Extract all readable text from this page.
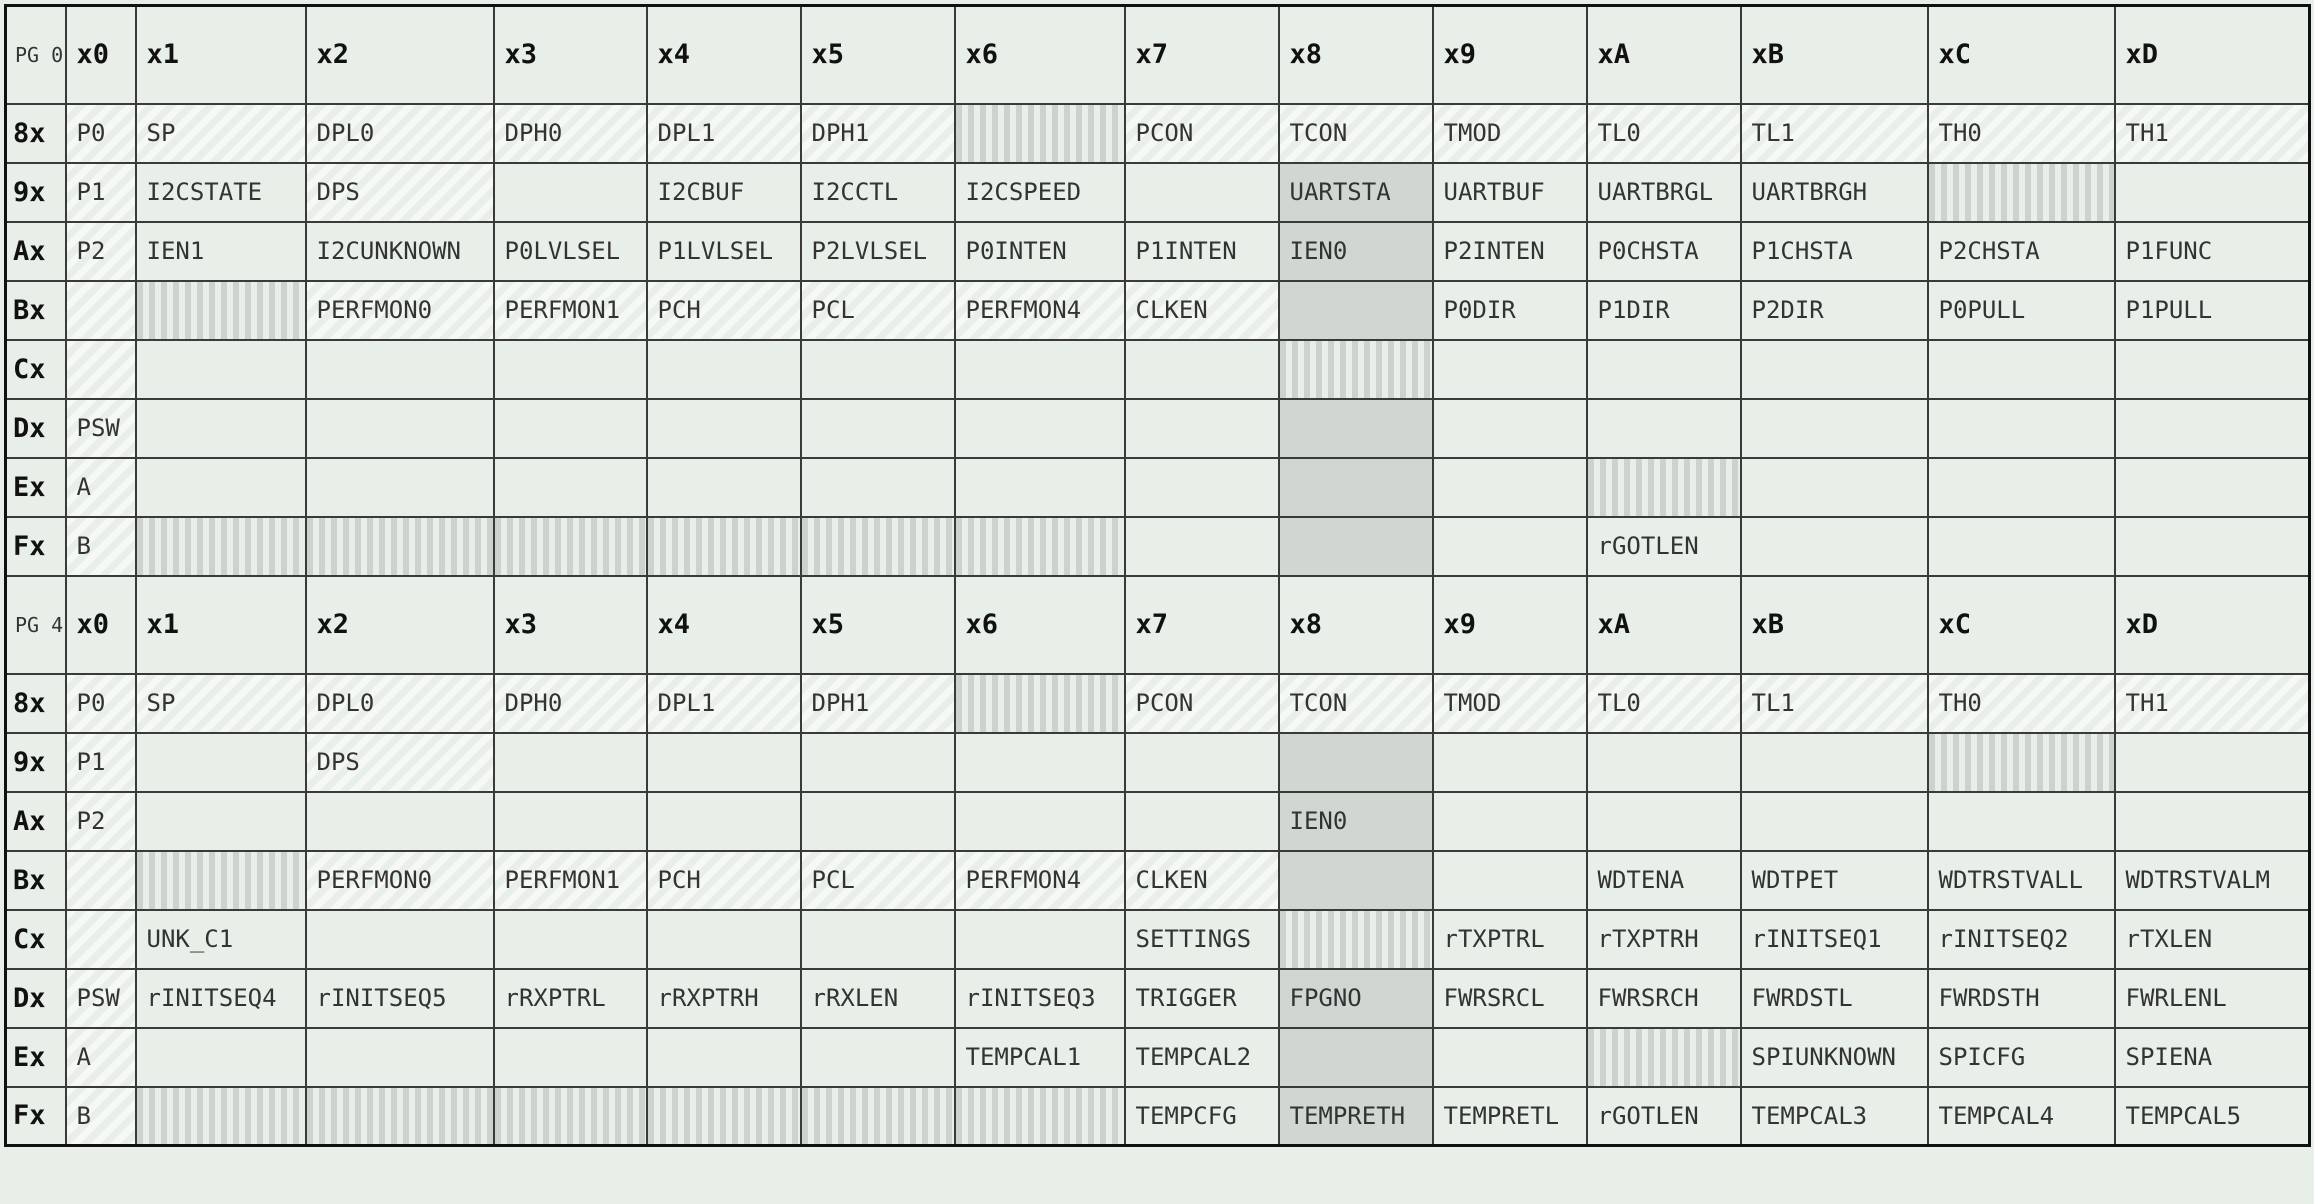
PG 0	x0	x1	x2	x3	x4	x5	x6	x7	x8	x9	xA	xB	xC	xD
8x	P0	SP	DPL0	DPH0	DPL1	DPH1		PCON	TCON	TMOD	TL0	TL1	TH0	TH1
9x	P1	I2CSTATE	DPS		I2CBUF	I2CCTL	I2CSPEED		UARTSTA	UARTBUF	UARTBRGL	UARTBRGH		
Ax	P2	IEN1	I2CUNKNOWN	P0LVLSEL	P1LVLSEL	P2LVLSEL	P0INTEN	P1INTEN	IEN0	P2INTEN	P0CHSTA	P1CHSTA	P2CHSTA	P1FUNC
Bx			PERFMON0	PERFMON1	PCH	PCL	PERFMON4	CLKEN		P0DIR	P1DIR	P2DIR	P0PULL	P1PULL
Cx														
Dx	PSW													
Ex	A													
Fx	B										rGOTLEN			
PG 4	x0	x1	x2	x3	x4	x5	x6	x7	x8	x9	xA	xB	xC	xD
8x	P0	SP	DPL0	DPH0	DPL1	DPH1		PCON	TCON	TMOD	TL0	TL1	TH0	TH1
9x	P1		DPS											
Ax	P2								IEN0					
Bx			PERFMON0	PERFMON1	PCH	PCL	PERFMON4	CLKEN			WDTENA	WDTPET	WDTRSTVALL	WDTRSTVALM
Cx		UNK_C1						SETTINGS		rTXPTRL	rTXPTRH	rINITSEQ1	rINITSEQ2	rTXLEN
Dx	PSW	rINITSEQ4	rINITSEQ5	rRXPTRL	rRXPTRH	rRXLEN	rINITSEQ3	TRIGGER	FPGNO	FWRSRCL	FWRSRCH	FWRDSTL	FWRDSTH	FWRLENL
Ex	A						TEMPCAL1	TEMPCAL2				SPIUNKNOWN	SPICFG	SPIENA
Fx	B							TEMPCFG	TEMPRETH	TEMPRETL	rGOTLEN	TEMPCAL3	TEMPCAL4	TEMPCAL5
